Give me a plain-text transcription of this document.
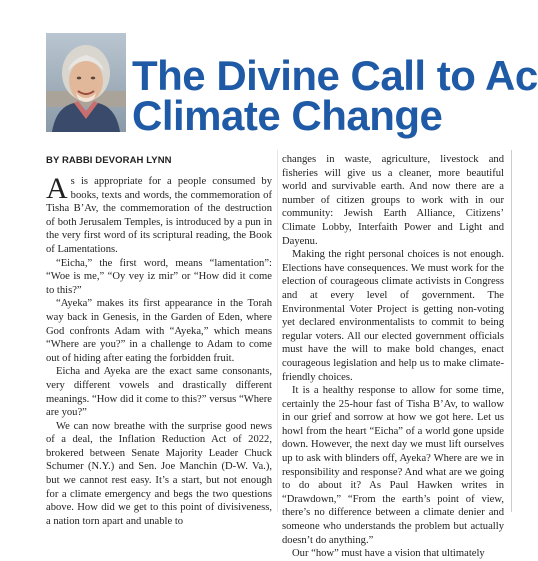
The Divine Call to Ac
Climate Change
BY RABBI DEVORAH LYNN

As is appropriate for a people consumed by books, texts and words, the commemoration of Tisha B’Av, the commemoration of the destruction of both Jerusalem Temples, is introduced by a pun in the very first word of its scriptural reading, the Book of Lamentations.

“Eicha,” the first word, means “lamentation”: “Woe is me,” “Oy vey iz mir” or “How did it come to this?”

“Ayeka” makes its first appearance in the Torah way back in Genesis, in the Garden of Eden, where God confronts Adam with “Ayeka,” which means “Where are you?” in a challenge to Adam to come out of hiding after eating the forbidden fruit.

Eicha and Ayeka are the exact same consonants, very different vowels and drastically different meanings. “How did it come to this?” versus “Where are you?”

We can now breathe with the surprise good news of a deal, the Inflation Reduction Act of 2022, brokered between Senate Majority Leader Chuck Schumer (N.Y.) and Sen. Joe Manchin (D-W. Va.), but we cannot rest easy. It’s a start, but not enough for a climate emergency and begs the two questions above. How did we get to this point of divisiveness, a nation torn apart and unable to

changes in waste, agriculture, livestock and fisheries will give us a cleaner, more beautiful world and survivable earth. And now there are a number of citizen groups to work with in our community: Jewish Earth Alliance, Citizens’ Climate Lobby, Interfaith Power and Light and Dayenu.

Making the right personal choices is not enough. Elections have consequences. We must work for the election of courageous climate activists in Congress and at every level of government. The Environmental Voter Project is getting non-voting yet declared environmentalists to commit to being regular voters. All our elected government officials must have the will to make bold changes, enact courageous legislation and help us to make climate-friendly choices.

It is a healthy response to allow for some time, certainly the 25-hour fast of Tisha B’Av, to wallow in our grief and sorrow at how we got here. Let us howl from the heart “Eicha” of a world gone upside down. However, the next day we must lift ourselves up to ask with blinders off, Ayeka? Where are we in responsibility and response? And what are we going to do about it? As Paul Hawken writes in “Drawdown,” “From the earth’s point of view, there’s no difference between a climate denier and someone who understands the problem but actually doesn’t do anything.”

Our “how” must have a vision that ultimately
